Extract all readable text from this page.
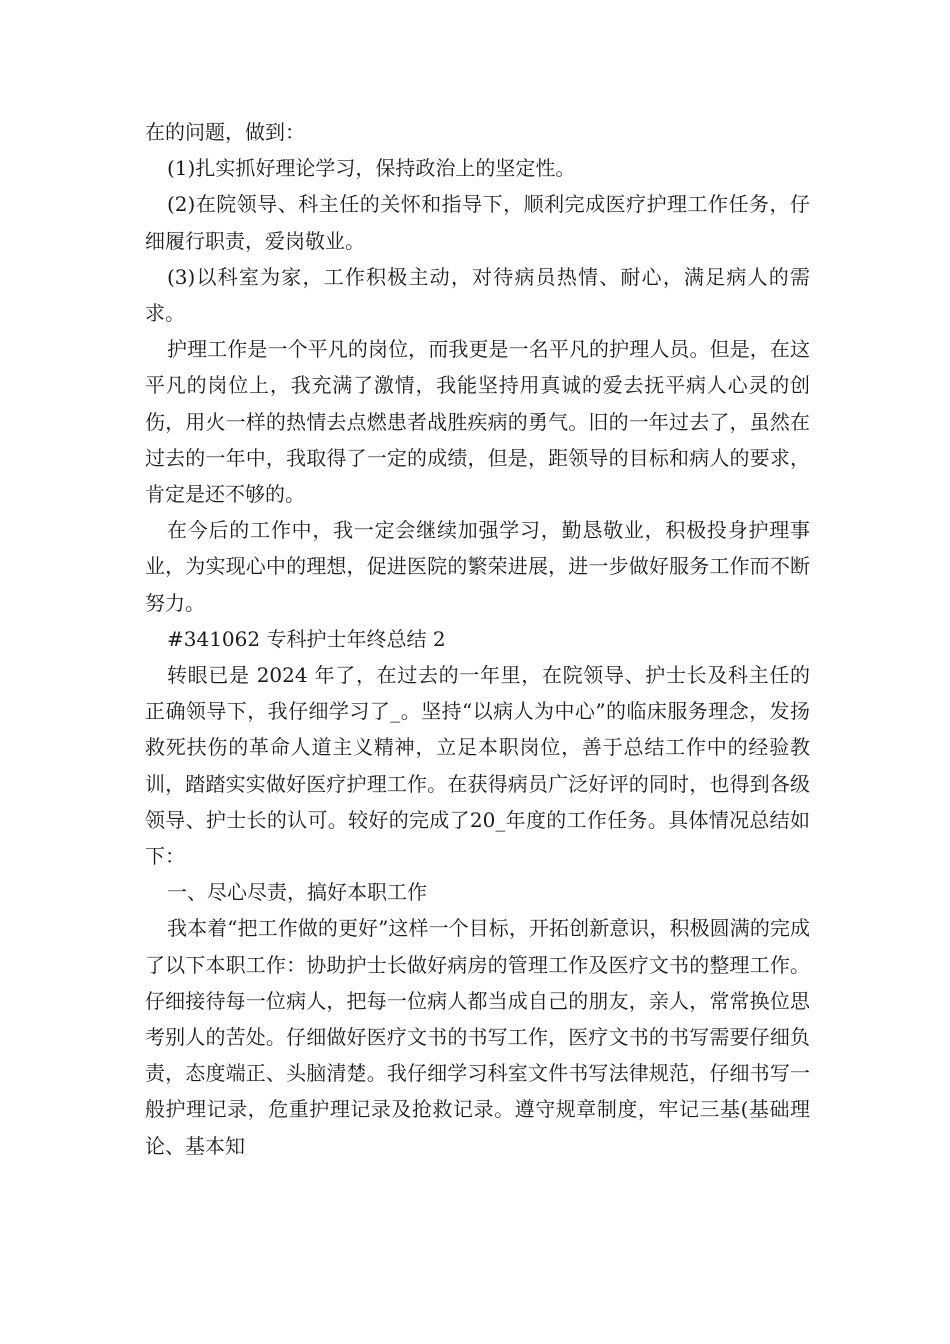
在的问题，做到：

(1)扎实抓好理论学习，保持政治上的坚定性。

(2)在院领导、科主任的关怀和指导下，顺利完成医疗护理工作任务，仔细履行职责，爱岗敬业。

(3)以科室为家，工作积极主动，对待病员热情、耐心，满足病人的需求。

护理工作是一个平凡的岗位，而我更是一名平凡的护理人员。但是，在这平凡的岗位上，我充满了激情，我能坚持用真诚的爱去抚平病人心灵的创伤，用火一样的热情去点燃患者战胜疾病的勇气。旧的一年过去了，虽然在过去的一年中，我取得了一定的成绩，但是，距领导的目标和病人的要求，肯定是还不够的。

在今后的工作中，我一定会继续加强学习，勤恳敬业，积极投身护理事业，为实现心中的理想，促进医院的繁荣进展，进一步做好服务工作而不断努力。

#341062 专科护士年终总结 2

转眼已是 2024 年了，在过去的一年里，在院领导、护士长及科主任的正确领导下，我仔细学习了_。坚持“以病人为中心”的临床服务理念，发扬救死扶伤的革命人道主义精神，立足本职岗位，善于总结工作中的经验教训，踏踏实实做好医疗护理工作。在获得病员广泛好评的同时，也得到各级领导、护士长的认可。较好的完成了20_年度的工作任务。具体情况总结如下：

一、尽心尽责，搞好本职工作

我本着“把工作做的更好”这样一个目标，开拓创新意识，积极圆满的完成了以下本职工作：协助护士长做好病房的管理工作及医疗文书的整理工作。仔细接待每一位病人，把每一位病人都当成自己的朋友，亲人，常常换位思考别人的苦处。仔细做好医疗文书的书写工作，医疗文书的书写需要仔细负责，态度端正、头脑清楚。我仔细学习科室文件书写法律规范，仔细书写一般护理记录，危重护理记录及抢救记录。遵守规章制度，牢记三基(基础理论、基本知
